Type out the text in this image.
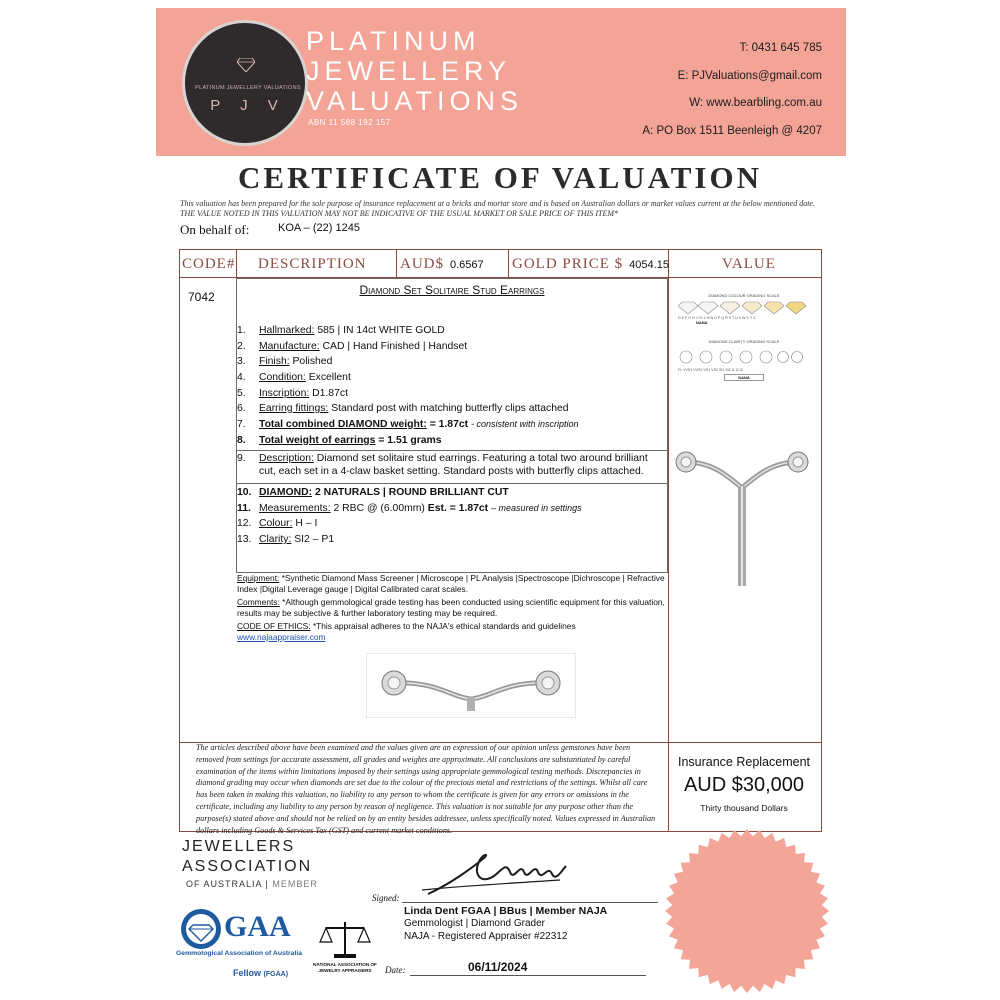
PLATINUM JEWELLERY VALUATIONS
P J V
PLATINUM
JEWELLERY
VALUATIONS
ABN 11 588 192 157
T: 0431 645 785
E: PJValuations@gmail.com
W: www.bearbling.com.au
A: PO Box 1511 Beenleigh @ 4207
CERTIFICATE OF VALUATION
This valuation has been prepared for the sole purpose of insurance replacement at a bricks and mortar store and is based on Australian dollars or market values current at the below mentioned date.
THE VALUE NOTED IN THIS VALUATION MAY NOT BE INDICATIVE OF THE USUAL MARKET OR SALE PRICE OF THIS ITEM*
On behalf of:	KOA – (22) 1245
CODE# DESCRIPTION AUD$ 0.6567 GOLD PRICE $ 4054.15	VALUE
7042	Diamond Set Solitaire Stud Earrings
1. Hallmarked: 585 | IN 14ct WHITE GOLD
2. Manufacture: CAD | Hand Finished | Handset
3. Finish: Polished
4. Condition: Excellent
5. Inscription: D1.87ct
6. Earring fittings: Standard post with matching butterfly clips attached
7. Total combined DIAMOND weight: = 1.87ct - consistent with inscription
8. Total weight of earrings = 1.51 grams
9.	Description: Diamond set solitaire stud earrings. Featuring a total two around brilliant cut, each set in a 4-claw basket setting. Standard posts with butterfly clips attached.
10. DIAMOND: 2 NATURALS | ROUND BRILLIANT CUT
11. Measurements: 2 RBC @ (6.00mm) Est. = 1.87ct – measured in settings
12. Colour: H – I
13. Clarity: SI2 – P1
Equipment: *Synthetic Diamond Mass Screener | Microscope | PL Analysis |Spectroscope |Dichroscope | Refractive Index |Digital Leverage gauge | Digital Calibrated carat scales.
Comments: *Although gemmological grade testing has been conducted using scientific equipment for this valuation, results may be subjective & further laboratory testing may be required.
CODE OF ETHICS: *This appraisal adheres to the NAJA's ethical standards and guidelines www.najaappraiser.com
DIAMOND COLOUR GRADING SCALE
D E F G H I J K L M N O P Q R S T U V W X Y Z
NANA
DIAMOND CLARITY GRADING SCALE
FL VVS1 VVS2 VS1 VS2 SI1 SI2 I1 I2 I3
NANA
The articles described above have been examined and the values given are an expression of our opinion unless gemstones have been removed from settings for accurate assessment, all grades and weights are approximate. All conclusions are substantiated by careful examination of the items within limitations imposed by their settings using appropriate gemmological testing methods. Discrepancies in diamond grading may occur when diamonds are set due to the colour of the precious metal and restrictions of the settings. Whilst all care has been taken in making this valuation, no liability to any person to whom the certificate is given for any errors or omissions in the certificate, including any liability to any person by reason of negligence. This valuation is not suitable for any purpose other than the purpose(s) stated above and should not be relied on by an entity besides addressee, unless specifically noted. Values expressed in Australian dollars including Goods & Services Tax (GST) and current market conditions.
Insurance Replacement
AUD $30,000
Thirty thousand Dollars
JEWELLERS
ASSOCIATION
OF AUSTRALIA | MEMBER
GAA
Gemmological Association of Australia
Fellow (FGAA)
NATIONAL ASSOCIATION OF JEWELRY APPRAISERS
Signed:
Linda Dent FGAA | BBus | Member NAJA
Gemmologist | Diamond Grader
NAJA - Registered Appraiser #22312
Date:	06/11/2024
